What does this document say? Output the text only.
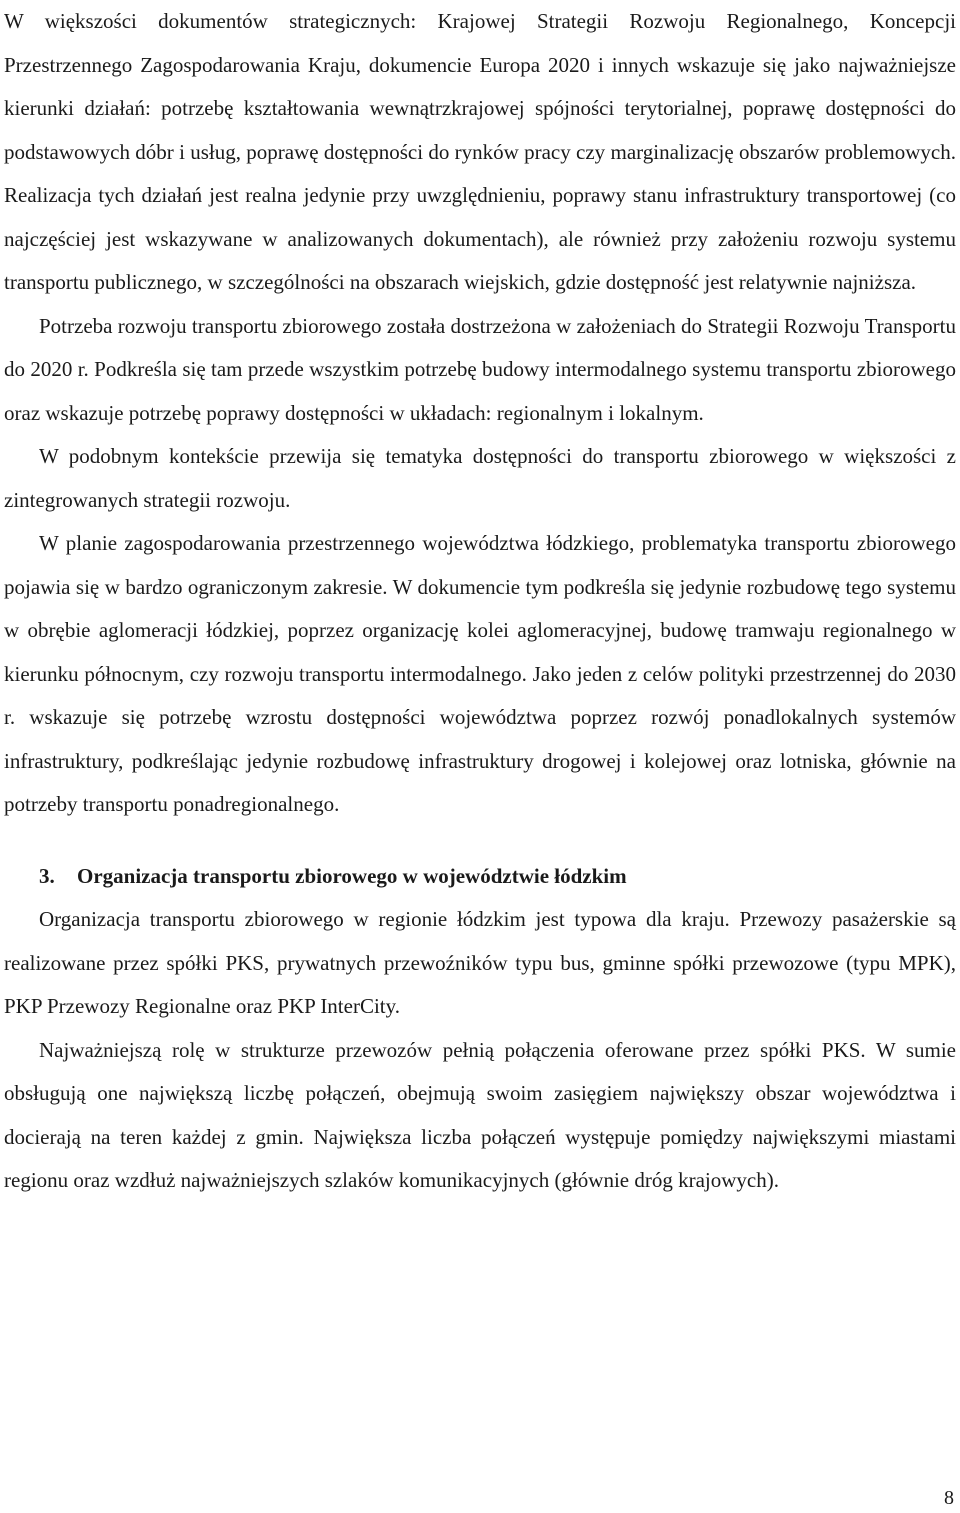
W większości dokumentów strategicznych: Krajowej Strategii Rozwoju Regionalnego, Koncepcji Przestrzennego Zagospodarowania Kraju, dokumencie Europa 2020 i innych wskazuje się jako najważniejsze kierunki działań: potrzebę kształtowania wewnątrzkrajowej spójności terytorialnej, poprawę dostępności do podstawowych dóbr i usług, poprawę dostępności do rynków pracy czy marginalizację obszarów problemowych. Realizacja tych działań jest realna jedynie przy uwzględnieniu, poprawy stanu infrastruktury transportowej (co najczęściej jest wskazywane w analizowanych dokumentach), ale również przy założeniu rozwoju systemu transportu publicznego, w szczególności na obszarach wiejskich, gdzie dostępność jest relatywnie najniższa.

Potrzeba rozwoju transportu zbiorowego została dostrzeżona w założeniach do Strategii Rozwoju Transportu do 2020 r. Podkreśla się tam przede wszystkim potrzebę budowy intermodalnego systemu transportu zbiorowego oraz wskazuje potrzebę poprawy dostępności w układach: regionalnym i lokalnym.

W podobnym kontekście przewija się tematyka dostępności do transportu zbiorowego w większości z zintegrowanych strategii rozwoju.

W planie zagospodarowania przestrzennego województwa łódzkiego, problematyka transportu zbiorowego pojawia się w bardzo ograniczonym zakresie. W dokumencie tym podkreśla się jedynie rozbudowę tego systemu w obrębie aglomeracji łódzkiej, poprzez organizację kolei aglomeracyjnej, budowę tramwaju regionalnego w kierunku północnym, czy rozwoju transportu intermodalnego. Jako jeden z celów polityki przestrzennej do 2030 r. wskazuje się potrzebę wzrostu dostępności województwa poprzez rozwój ponadlokalnych systemów infrastruktury, podkreślając jedynie rozbudowę infrastruktury drogowej i kolejowej oraz lotniska, głównie na potrzeby transportu ponadregionalnego.

3. Organizacja transportu zbiorowego w województwie łódzkim

Organizacja transportu zbiorowego w regionie łódzkim jest typowa dla kraju. Przewozy pasażerskie są realizowane przez spółki PKS, prywatnych przewoźników typu bus, gminne spółki przewozowe (typu MPK), PKP Przewozy Regionalne oraz PKP InterCity.

Najważniejszą rolę w strukturze przewozów pełnią połączenia oferowane przez spółki PKS. W sumie obsługują one największą liczbę połączeń, obejmują swoim zasięgiem największy obszar województwa i docierają na teren każdej z gmin. Największa liczba połączeń występuje pomiędzy największymi miastami regionu oraz wzdłuż najważniejszych szlaków komunikacyjnych (głównie dróg krajowych).

8
